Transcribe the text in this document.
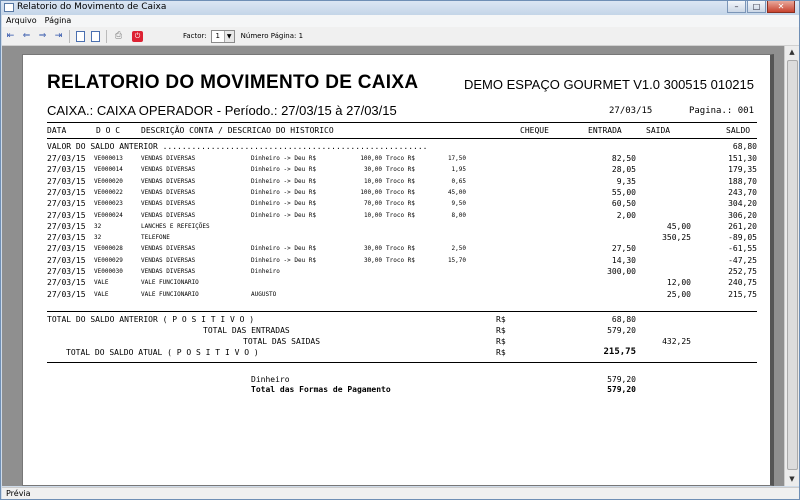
Relatorio do Movimento de Caixa	–	□	✕
Arquivo Página
⇤ ⇐ ⇒ ⇥	⎙	⏻	Factor:	1	▼	Número Página: 1
RELATORIO DO MOVIMENTO DE CAIXA	DEMO ESPAÇO GOURMET V1.0 300515 010215
CAIXA.: CAIXA OPERADOR - Período.: 27/03/15 à 27/03/15	27/03/15	Pagina.: 001
DATA	D O C	DESCRIÇÃO CONTA / DESCRICAO DO HISTORICO	CHEQUE	ENTRADA	SAIDA	SALDO
VALOR DO SALDO ANTERIOR .......................................................	68,80
27/03/15 VE000013	VENDAS DIVERSAS	Dinheiro -> Deu R$	100,00 Troco R$	17,50	82,50	151,30
27/03/15 VE000014	VENDAS DIVERSAS	Dinheiro -> Deu R$	30,00 Troco R$	1,95	28,05	179,35
27/03/15 VE000020	VENDAS DIVERSAS	Dinheiro -> Deu R$	10,00 Troco R$	0,65	9,35	188,70
27/03/15 VE000022	VENDAS DIVERSAS	Dinheiro -> Deu R$	100,00 Troco R$	45,00	55,00	243,70
27/03/15 VE000023	VENDAS DIVERSAS	Dinheiro -> Deu R$	70,00 Troco R$	9,50	60,50	304,20
27/03/15 VE000024	VENDAS DIVERSAS	Dinheiro -> Deu R$	10,00 Troco R$	8,00	2,00	306,20
27/03/15 32	LANCHES E REFEIÇÕES	45,00	261,20
27/03/15 32	TELEFONE	350,25	-89,05
27/03/15 VE000028	VENDAS DIVERSAS	Dinheiro -> Deu R$	30,00 Troco R$	2,50	27,50	-61,55
27/03/15 VE000029	VENDAS DIVERSAS	Dinheiro -> Deu R$	30,00 Troco R$	15,70	14,30	-47,25
27/03/15 VE000030	VENDAS DIVERSAS	Dinheiro	300,00	252,75
27/03/15 VALE	VALE FUNCIONARIO	12,00	240,75
27/03/15 VALE	VALE FUNCIONARIO	AUGUSTO	25,00	215,75
TOTAL DO SALDO ANTERIOR ( P O S I T I V O )	R$	68,80
TOTAL DAS ENTRADAS	R$	579,20
TOTAL DAS SAIDAS	R$	432,25
TOTAL DO SALDO ATUAL ( P O S I T I V O )	R$	215,75
Dinheiro	579,20
Total das Formas de Pagamento	579,20
▲
▼
Prévia
